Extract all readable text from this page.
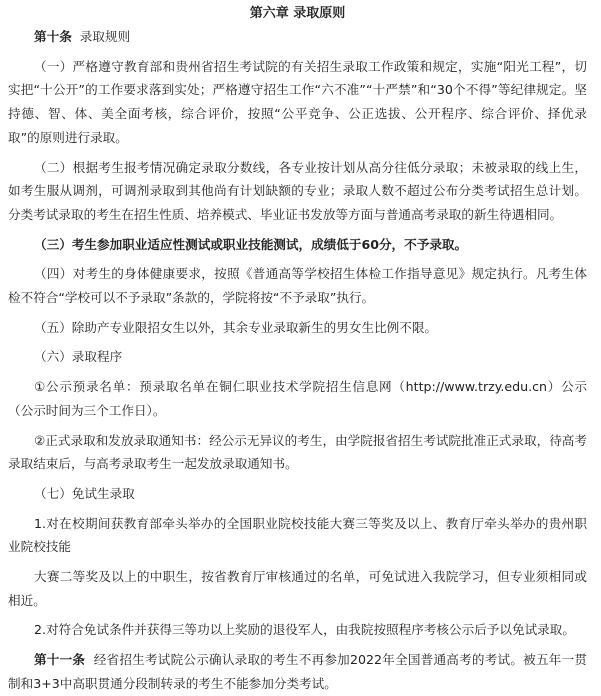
第六章 录取原则

第十条 录取规则

（一）严格遵守教育部和贵州省招生考试院的有关招生录取工作政策和规定，实施“阳光工程”，切实把“十公开”的工作要求落到实处；严格遵守招生工作“六不准”“十严禁”和“30个不得”等纪律规定。坚持德、智、体、美全面考核，综合评价，按照“公平竞争、公正选拔、公开程序、综合评价、择优录取”的原则进行录取。

（二）根据考生报考情况确定录取分数线，各专业按计划从高分往低分录取；未被录取的线上生，如考生服从调剂，可调剂录取到其他尚有计划缺额的专业；录取人数不超过公布分类考试招生总计划。分类考试录取的考生在招生性质、培养模式、毕业证书发放等方面与普通高考录取的新生待遇相同。

（三）考生参加职业适应性测试或职业技能测试，成绩低于60分，不予录取。

（四）对考生的身体健康要求，按照《普通高等学校招生体检工作指导意见》规定执行。凡考生体检不符合“学校可以不予录取”条款的，学院将按“不予录取”执行。

（五）除助产专业限招女生以外，其余专业录取新生的男女生比例不限。

（六）录取程序

①公示预录名单：预录取名单在铜仁职业技术学院招生信息网（http://www.trzy.edu.cn）公示（公示时间为三个工作日）。

②正式录取和发放录取通知书：经公示无异议的考生，由学院报省招生考试院批准正式录取，待高考录取结束后，与高考录取考生一起发放录取通知书。

（七）免试生录取

1.对在校期间获教育部牵头举办的全国职业院校技能大赛三等奖及以上、教育厅牵头举办的贵州职业院校技能

大赛二等奖及以上的中职生，按省教育厅审核通过的名单，可免试进入我院学习，但专业须相同或相近。

2.对符合免试条件并获得三等功以上奖励的退役军人，由我院按照程序考核公示后予以免试录取。

第十一条 经省招生考试院公示确认录取的考生不再参加2022年全国普通高考的考试。被五年一贯制和3+3中高职贯通分段制转录的考生不能参加分类考试。
